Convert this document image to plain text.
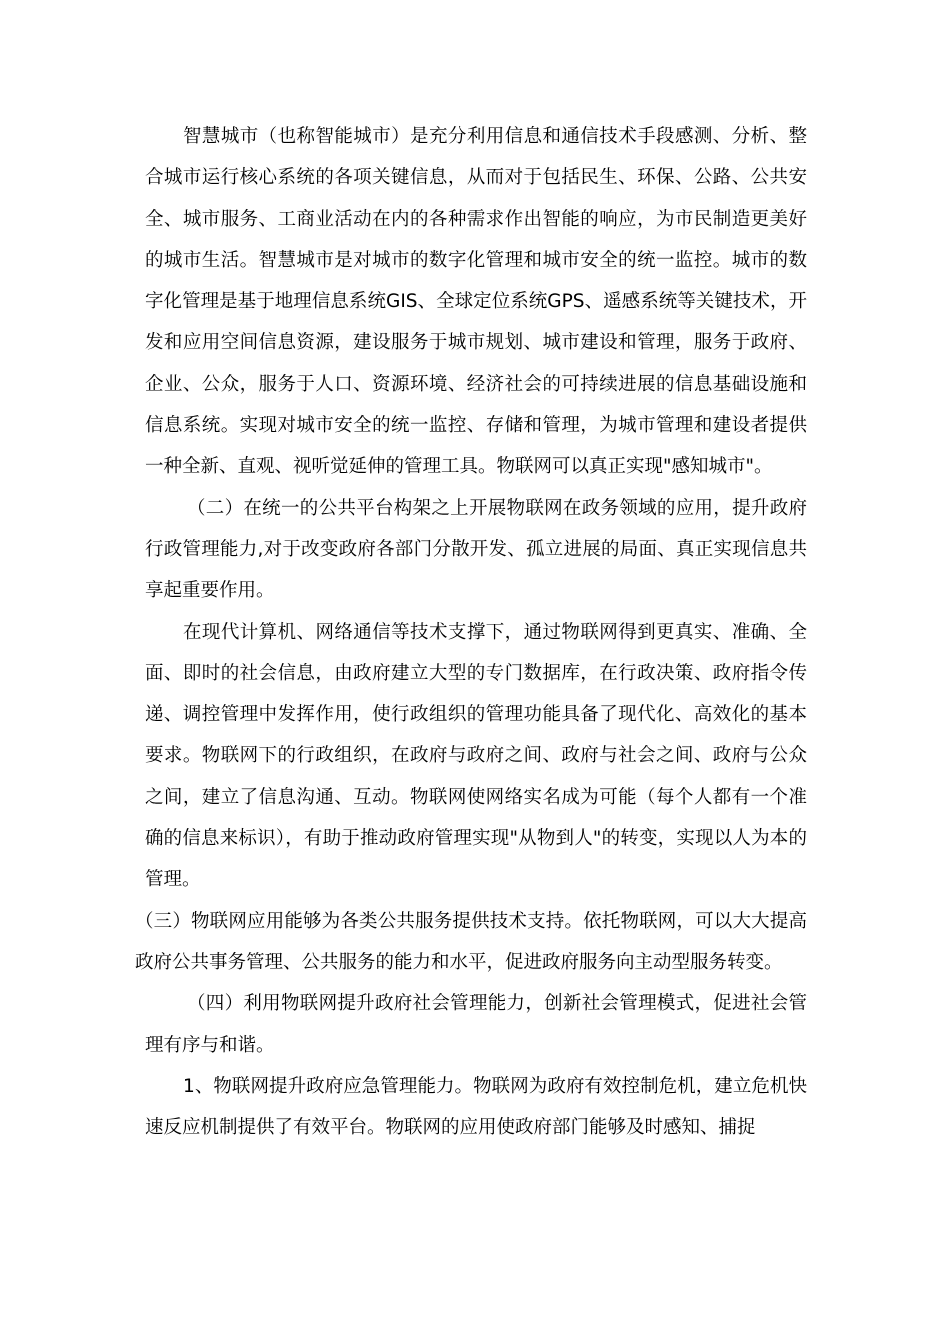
智慧城市（也称智能城市）是充分利用信息和通信技术手段感测、分析、整合城市运行核心系统的各项关键信息，从而对于包括民生、环保、公路、公共安全、城市服务、工商业活动在内的各种需求作出智能的响应，为市民制造更美好的城市生活。智慧城市是对城市的数字化管理和城市安全的统一监控。城市的数字化管理是基于地理信息系统GIS、全球定位系统GPS、遥感系统等关键技术，开发和应用空间信息资源，建设服务于城市规划、城市建设和管理，服务于政府、企业、公众，服务于人口、资源环境、经济社会的可持续进展的信息基础设施和信息系统。实现对城市安全的统一监控、存储和管理，为城市管理和建设者提供一种全新、直观、视听觉延伸的管理工具。物联网可以真正实现"感知城市"。

（二）在统一的公共平台构架之上开展物联网在政务领域的应用，提升政府行政管理能力,对于改变政府各部门分散开发、孤立进展的局面、真正实现信息共享起重要作用。

在现代计算机、网络通信等技术支撑下，通过物联网得到更真实、准确、全面、即时的社会信息，由政府建立大型的专门数据库，在行政决策、政府指令传递、调控管理中发挥作用，使行政组织的管理功能具备了现代化、高效化的基本要求。物联网下的行政组织，在政府与政府之间、政府与社会之间、政府与公众之间，建立了信息沟通、互动。物联网使网络实名成为可能（每个人都有一个准确的信息来标识），有助于推动政府管理实现"从物到人"的转变，实现以人为本的管理。

（三）物联网应用能够为各类公共服务提供技术支持。依托物联网，可以大大提高政府公共事务管理、公共服务的能力和水平，促进政府服务向主动型服务转变。

（四）利用物联网提升政府社会管理能力，创新社会管理模式，促进社会管理有序与和谐。

1、物联网提升政府应急管理能力。物联网为政府有效控制危机，建立危机快速反应机制提供了有效平台。物联网的应用使政府部门能够及时感知、捕捉
